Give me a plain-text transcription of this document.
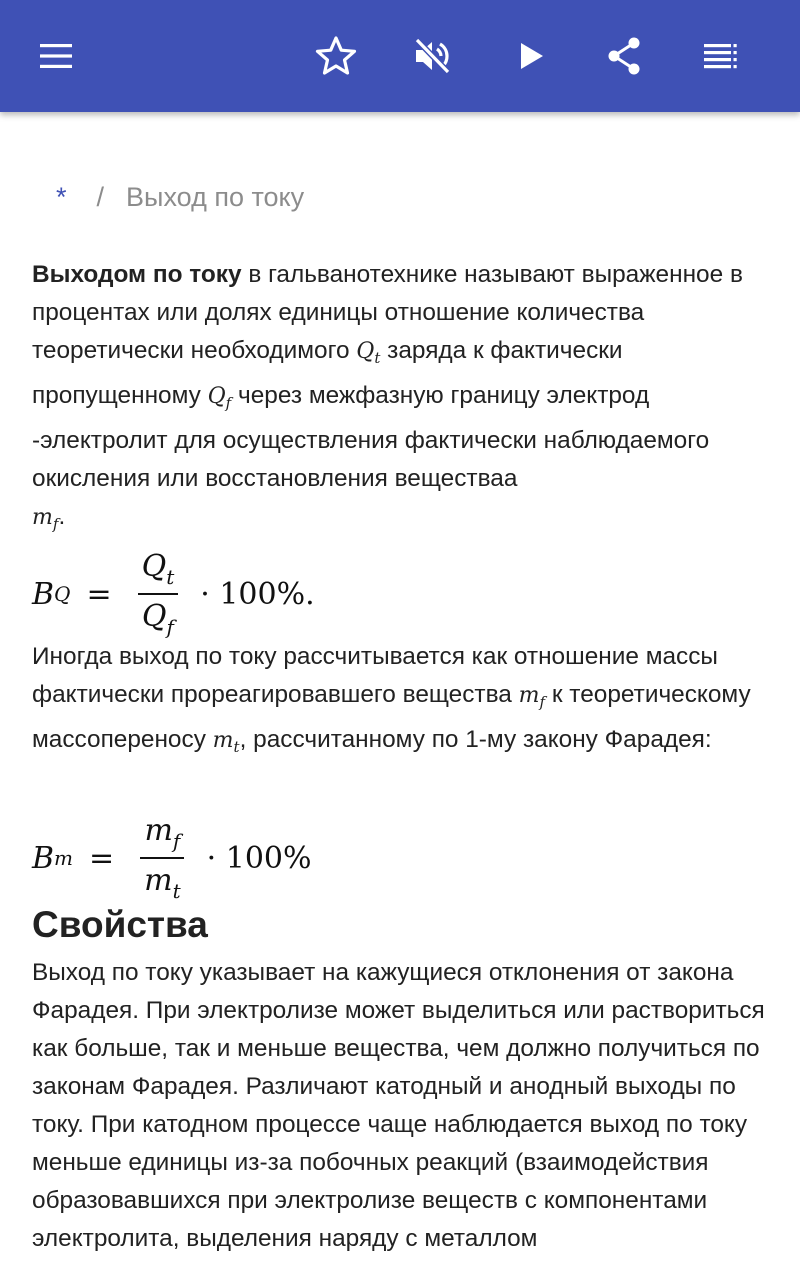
* / Выход по току

Выходом по току в гальванотехнике называют выраженное в процентах или долях единицы отношение количества теоретически необходимого $Q_t$ заряда к фактически пропущенному $Q_f$ через межфазную границу электрод -электролит для осуществления фактически наблюдаемого окисления или восстановления веществаа
$m_f$.

B $Q = \frac{Q_t}{Q_f} \cdot 100\%$.

Иногда выход по току рассчитывается как отношение массы фактически прореагировавшего вещества $m_f$ к теоретическому массопереносу $m_t$, рассчитанному по 1-му закону Фарадея:

B $m = \frac{m_f}{m_t} \cdot 100\%$
Свойства

Выход по току указывает на кажущиеся отклонения от закона Фарадея. При электролизе может выделиться или раствориться как больше, так и меньше вещества, чем должно получиться по законам Фарадея. Различают катодный и анодный выходы по току. При катодном процессе чаще наблюдается выход по току меньше единицы из-за побочных реакций (взаимодействия образовавшихся при электролизе веществ с компонентами электролита, выделения наряду с металлом
